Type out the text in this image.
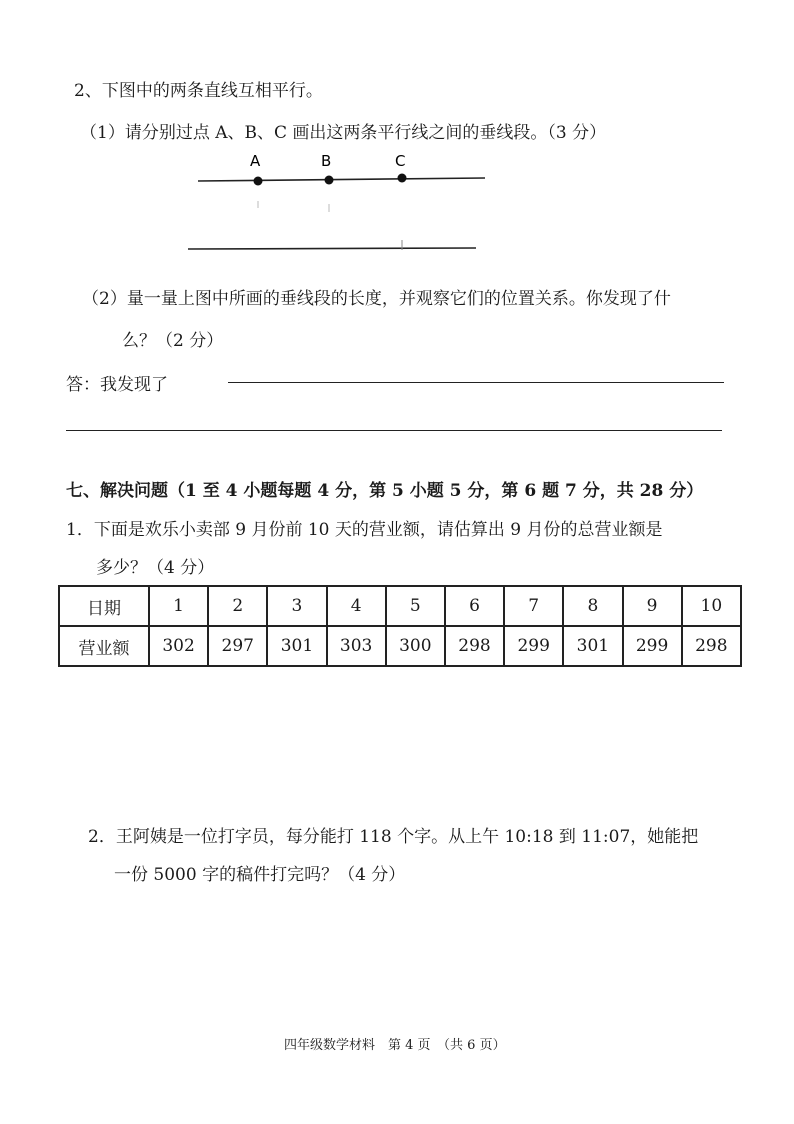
2、下图中的两条直线互相平行。
（1）请分别过点 A、B、C 画出这两条平行线之间的垂线段。（3 分）
A	B	C
（2）量一量上图中所画的垂线段的长度，并观察它们的位置关系。你发现了什
么？（2 分）
答：我发现了
七、解决问题（1 至 4 小题每题 4 分，第 5 小题 5 分，第 6 题 7 分，共 28 分）
1．下面是欢乐小卖部 9 月份前 10 天的营业额，请估算出 9 月份的总营业额是
多少？（4 分）
日期	1	2	3	4	5	6	7	8	9	10
营业额	302	297	301	303	300	298	299	301	299	298
2．王阿姨是一位打字员，每分能打 118 个字。从上午 10:18 到 11:07，她能把
一份 5000 字的稿件打完吗？（4 分）
四年级数学材料　第 4 页　（共 6 页）
